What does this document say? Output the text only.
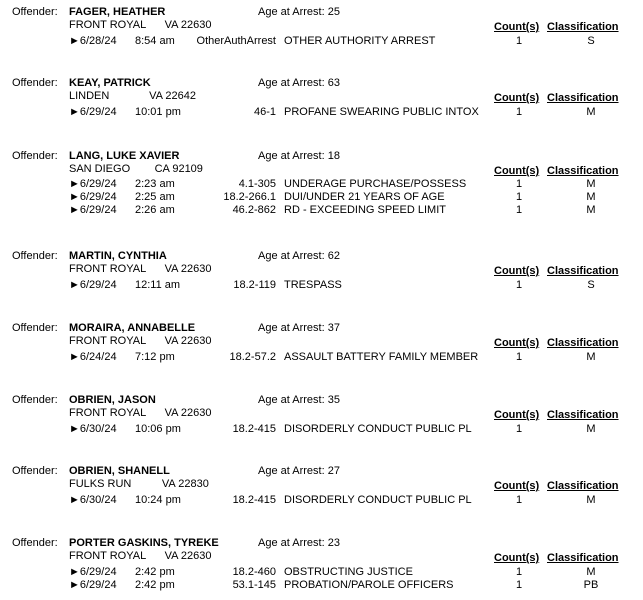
Offender: FAGER, HEATHER	Age at Arrest: 25
FRONT ROYAL VA 22630	Count(s) Classification
►6/28/24 8:54 am	OtherAuthArrest OTHER AUTHORITY ARREST	1	S
Offender: KEAY, PATRICK	Age at Arrest: 63
LINDEN	VA 22642	Count(s) Classification
►6/29/24 10:01 pm	46-1 PROFANE SWEARING PUBLIC INTOX	1	M
Offender: LANG, LUKE XAVIER	Age at Arrest: 18
SAN DIEGO CA 92109	Count(s) Classification
►6/29/24 2:23 am	4.1-305 UNDERAGE PURCHASE/POSSESS	1	M
►6/29/24 2:25 am	18.2-266.1 DUI/UNDER 21 YEARS OF AGE	1	M
►6/29/24 2:26 am	46.2-862 RD - EXCEEDING SPEED LIMIT	1	M
Offender: MARTIN, CYNTHIA	Age at Arrest: 62
FRONT ROYAL VA 22630	Count(s) Classification
►6/29/24 12:11 am	18.2-119 TRESPASS	1	S
Offender: MORAIRA, ANNABELLE	Age at Arrest: 37
FRONT ROYAL VA 22630	Count(s) Classification
►6/24/24 7:12 pm	18.2-57.2 ASSAULT BATTERY FAMILY MEMBER	1	M
Offender: OBRIEN, JASON	Age at Arrest: 35
FRONT ROYAL VA 22630	Count(s) Classification
►6/30/24 10:06 pm	18.2-415 DISORDERLY CONDUCT PUBLIC PL	1	M
Offender: OBRIEN, SHANELL	Age at Arrest: 27
FULKS RUN	VA 22830	Count(s) Classification
►6/30/24 10:24 pm	18.2-415 DISORDERLY CONDUCT PUBLIC PL	1	M
Offender: PORTER GASKINS, TYREKE	Age at Arrest: 23
FRONT ROYAL VA 22630	Count(s) Classification
►6/29/24 2:42 pm	18.2-460 OBSTRUCTING JUSTICE	1	M
►6/29/24 2:42 pm	53.1-145 PROBATION/PAROLE OFFICERS	1	PB
